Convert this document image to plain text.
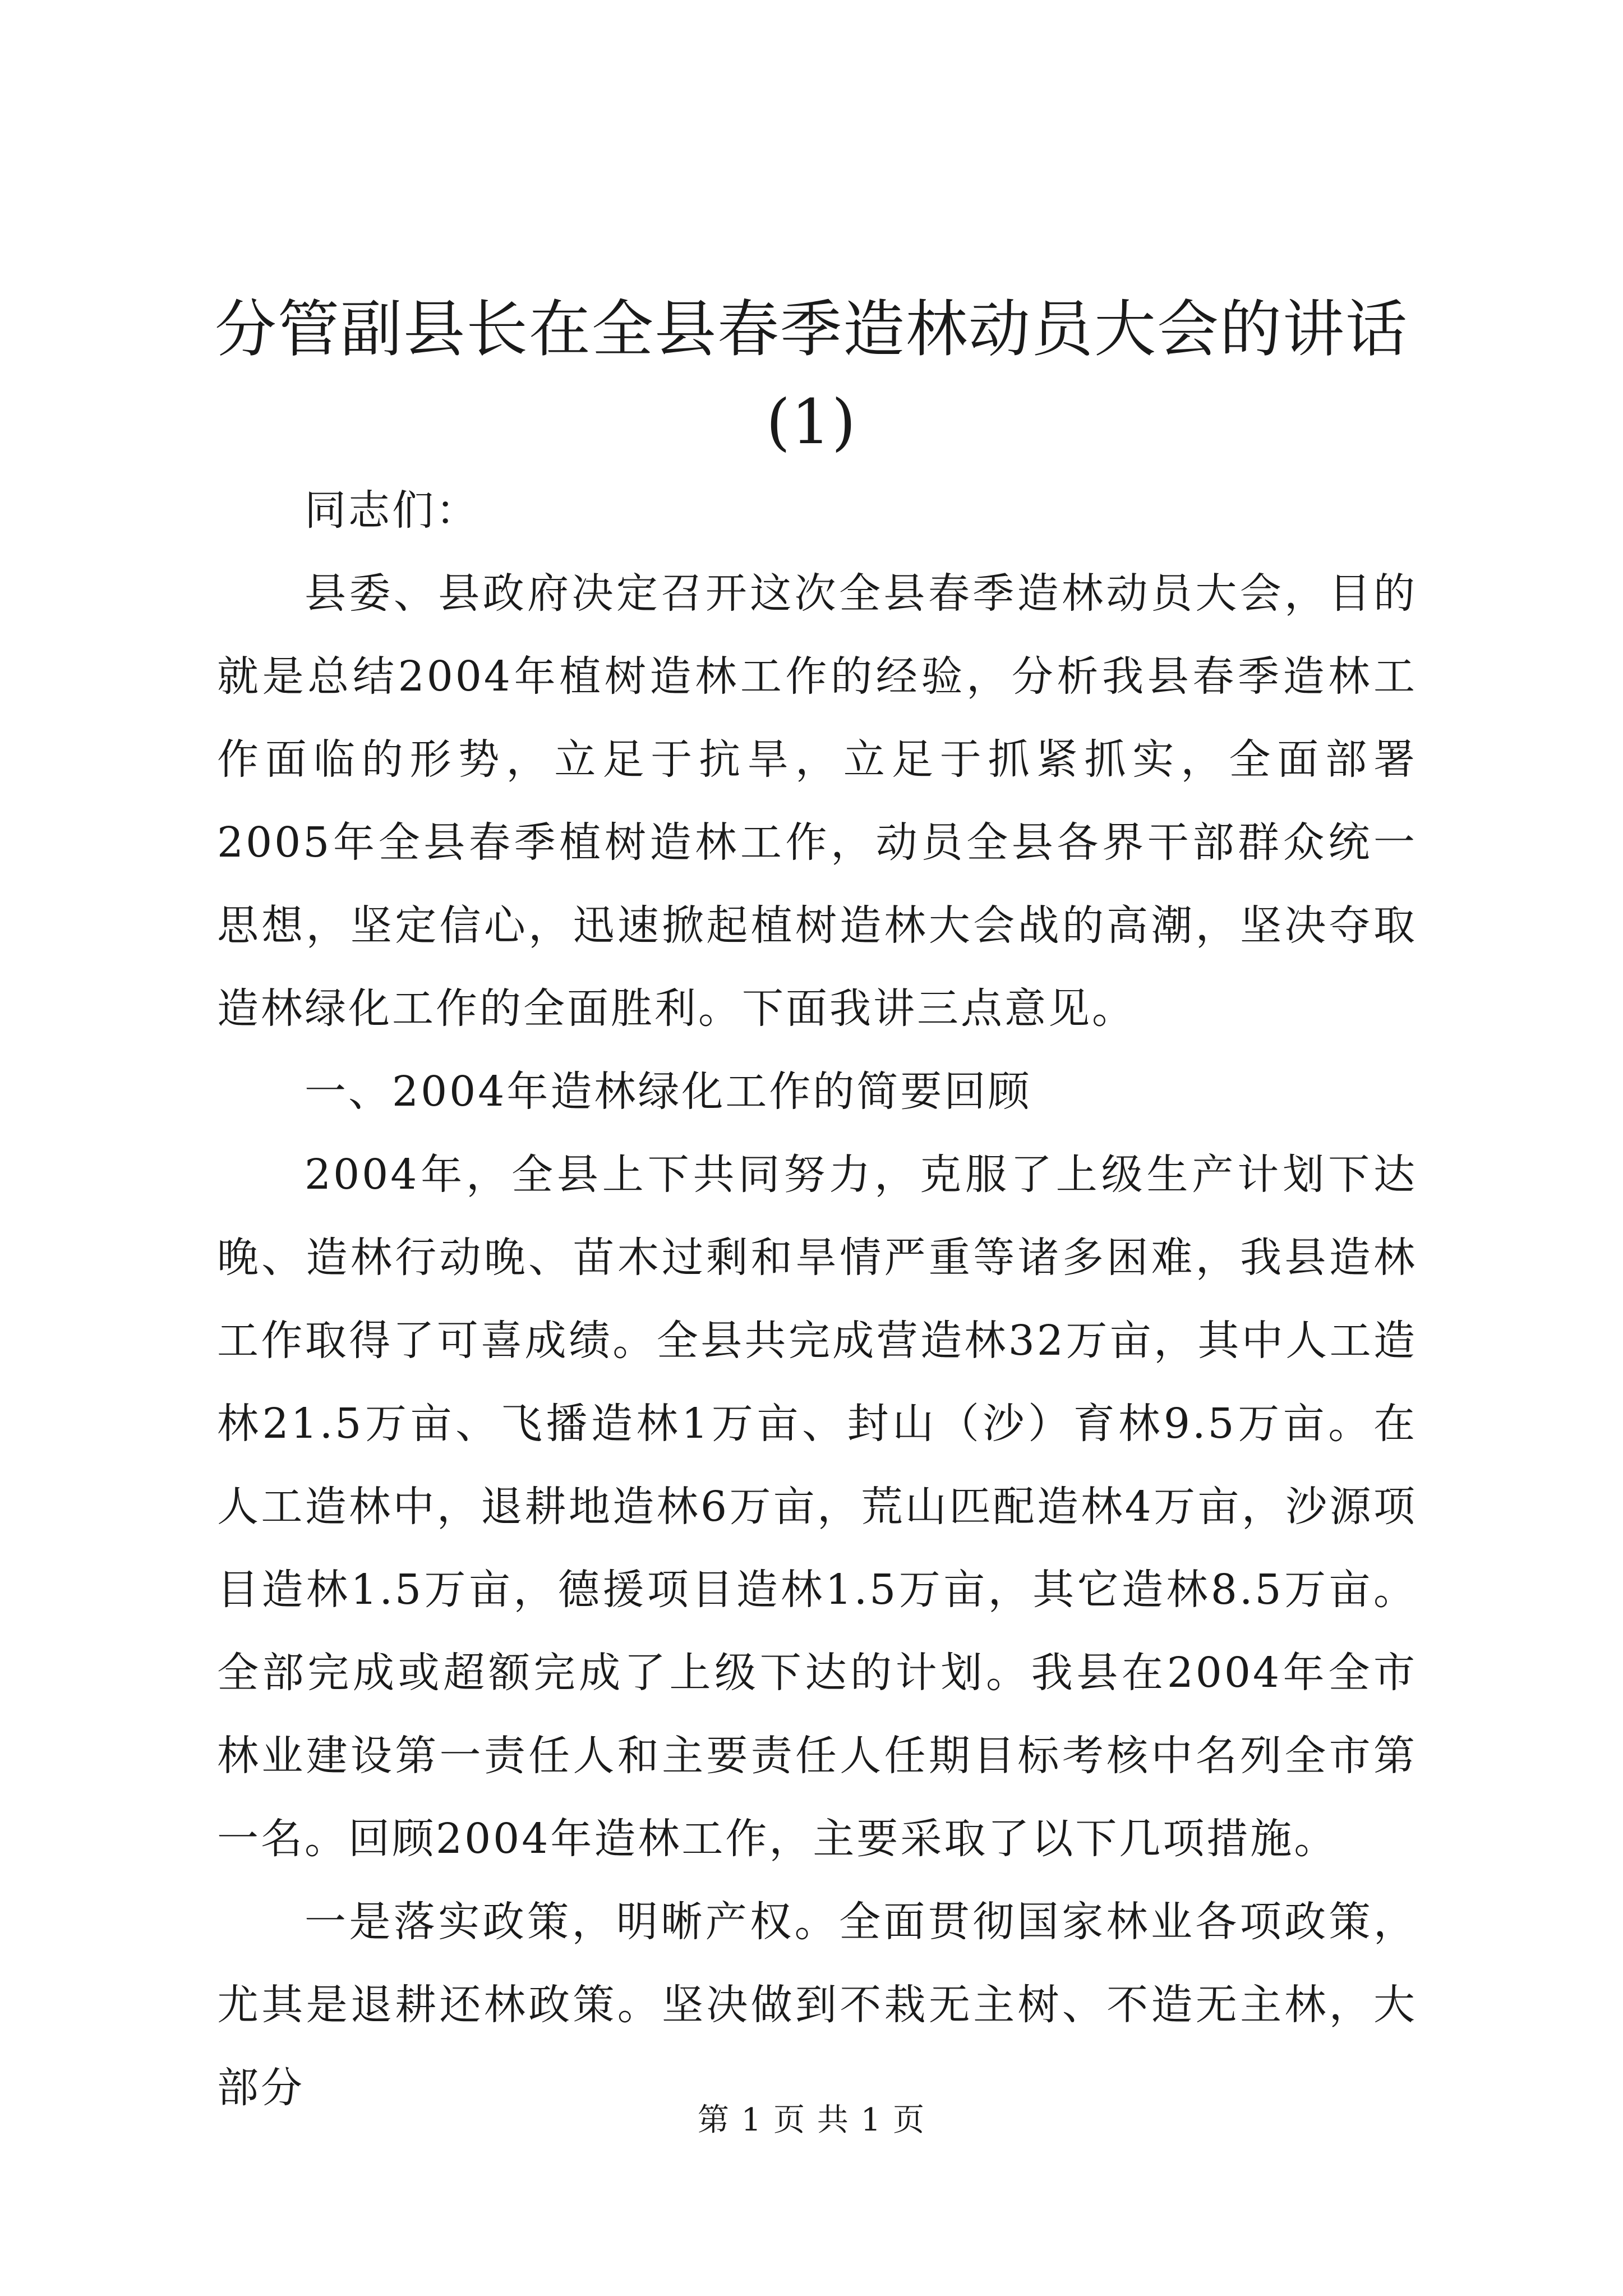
分管副县长在全县春季造林动员大会的讲话
(1)

同志们：

县委、县政府决定召开这次全县春季造林动员大会，目的就是总结2004年植树造林工作的经验，分析我县春季造林工作面临的形势，立足于抗旱，立足于抓紧抓实，全面部署2005年全县春季植树造林工作，动员全县各界干部群众统一思想，坚定信心，迅速掀起植树造林大会战的高潮，坚决夺取造林绿化工作的全面胜利。下面我讲三点意见。

一、2004年造林绿化工作的简要回顾

2004年，全县上下共同努力，克服了上级生产计划下达晚、造林行动晚、苗木过剩和旱情严重等诸多困难，我县造林工作取得了可喜成绩。全县共完成营造林32万亩，其中人工造林21.5万亩、飞播造林1万亩、封山（沙）育林9.5万亩。在人工造林中，退耕地造林6万亩，荒山匹配造林4万亩，沙源项目造林1.5万亩，德援项目造林1.5万亩，其它造林8.5万亩。全部完成或超额完成了上级下达的计划。我县在2004年全市林业建设第一责任人和主要责任人任期目标考核中名列全市第一名。回顾2004年造林工作，主要采取了以下几项措施。

一是落实政策，明晰产权。全面贯彻国家林业各项政策，尤其是退耕还林政策。坚决做到不栽无主树、不造无主林，大部分

第 1 页 共 1 页
